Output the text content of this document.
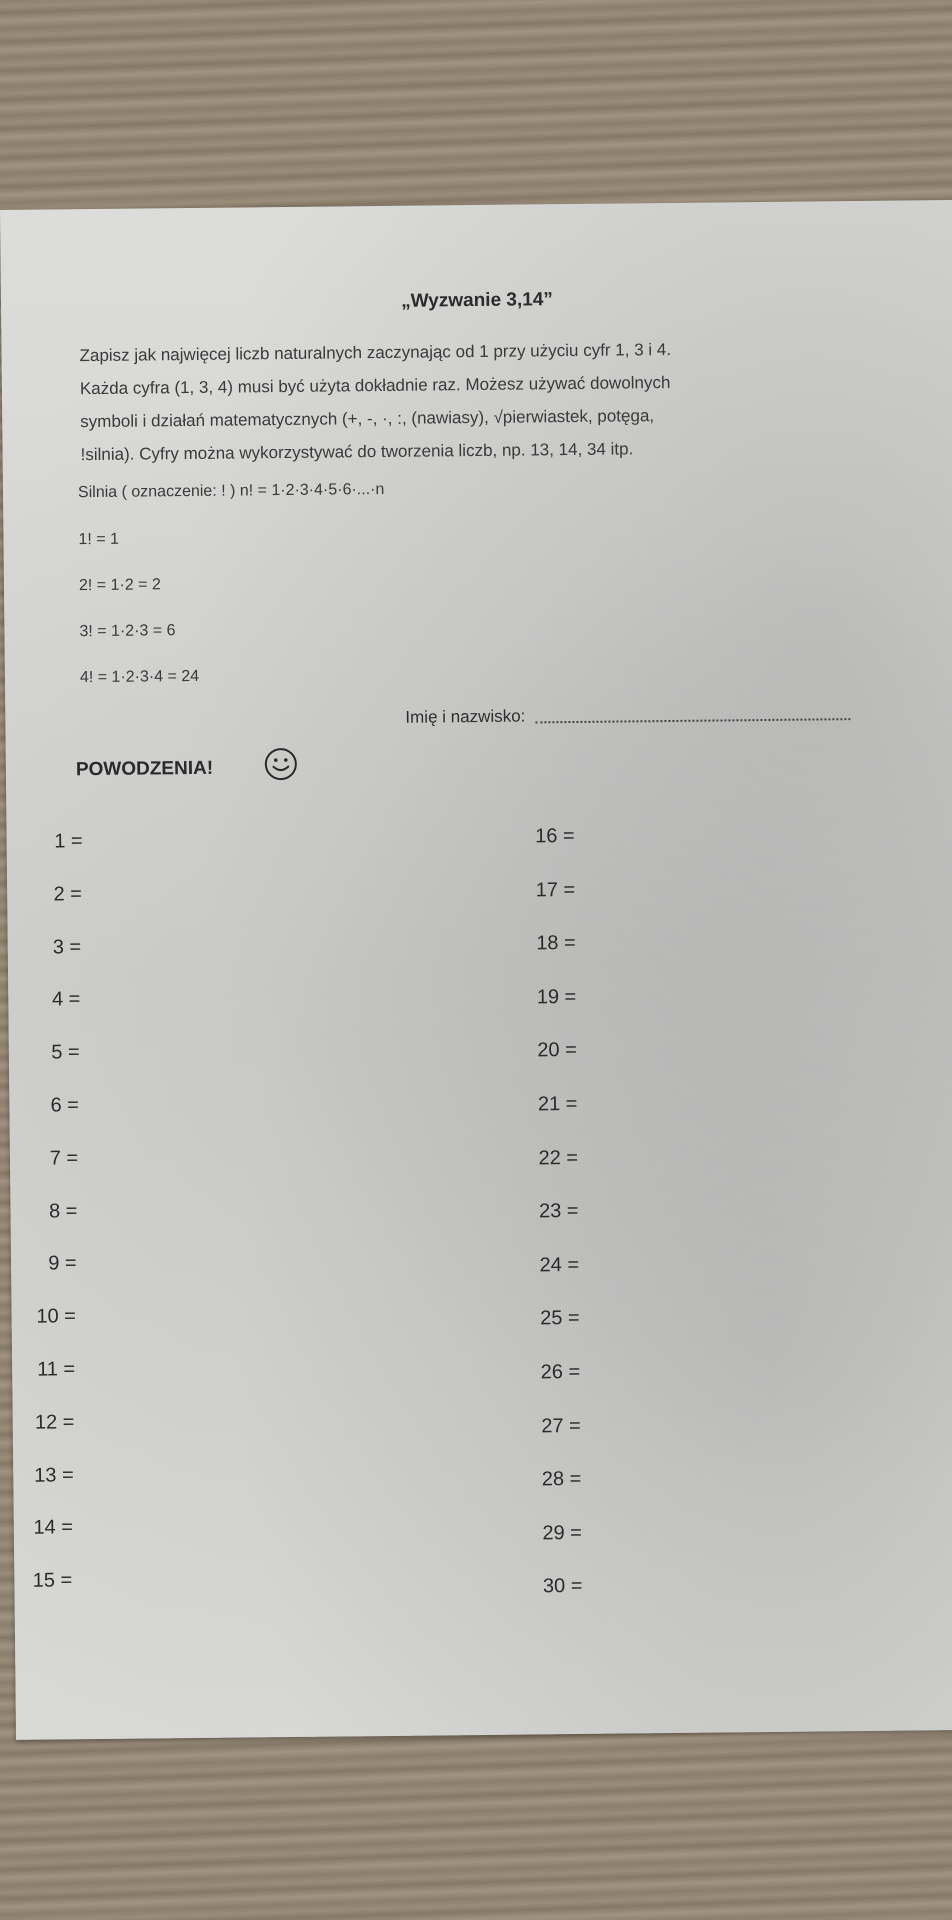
„Wyzwanie 3,14”
Zapisz jak najwięcej liczb naturalnych zaczynając od 1 przy użyciu cyfr 1, 3 i 4.
Każda cyfra (1, 3, 4) musi być użyta dokładnie raz. Możesz używać dowolnych
symboli i działań matematycznych (+, -, ·, :, (nawiasy), √pierwiastek, potęga,
!silnia). Cyfry można wykorzystywać do tworzenia liczb, np. 13, 14, 34 itp.
Silnia ( oznaczenie: ! ) n! = 1·2·3·4·5·6·...·n
1! = 1
2! = 1·2 = 2
3! = 1·2·3 = 6
4! = 1·2·3·4 = 24
Imię i nazwisko:
POWODZENIA!
1 =
2 =
3 =
4 =
5 =
6 =
7 =
8 =
9 =
10 =
11 =
12 =
13 =
14 =
15 =
16 =
17 =
18 =
19 =
20 =
21 =
22 =
23 =
24 =
25 =
26 =
27 =
28 =
29 =
30 =
